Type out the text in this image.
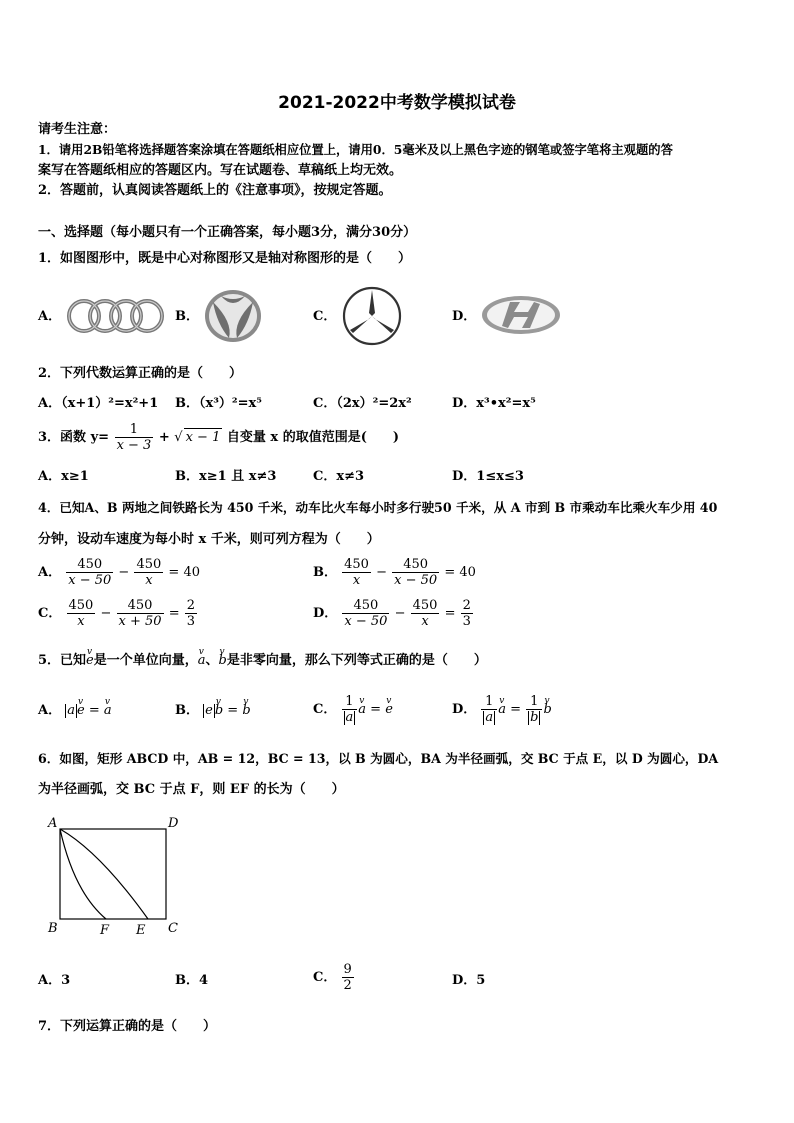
2021-2022中考数学模拟试卷
请考生注意：
1．请用2B铅笔将选择题答案涂填在答题纸相应位置上，请用0．5毫米及以上黑色字迹的钢笔或签字笔将主观题的答
案写在答题纸相应的答题区内。写在试题卷、草稿纸上均无效。
2．答题前，认真阅读答题纸上的《注意事项》，按规定答题。
一、选择题（每小题只有一个正确答案，每小题3分，满分30分）
1．如图图形中，既是中心对称图形又是轴对称图形的是（　　）
A．	B．	C．	D．
2．下列代数运算正确的是（　　）
A．（x+1）²=x²+1 B．（x³）²=x⁵	C．（2x）²=2x²	D．x³•x²=x⁵
3．函数 $y= \frac{1}{x - 3}$ + √ x − 1 自变量 x 的取值范围是(　　)
A．x≥1	B．x≥1 且 x≠3	C．x≠3	D．1≤x≤3
4．已知A、B 两地之间铁路长为 450 千米，动车比火车每小时多行驶50 千米，从 A 市到 B 市乘动车比乘火车少用 40
分钟，设动车速度为每小时 x 千米，则可列方程为（　　）
A． $\frac{450}{x - 50} - \frac{450}{x} = 40$	B． $\frac{450}{x} - \frac{450}{x - 50} = 40$
C． $\frac{450}{x} - \frac{450}{x + 50} = \frac{2}{3}$	D． $\frac{450}{x - 50} - \frac{450}{x} = \frac{2}{3}$
5．已知v e是一个单位向量，v a、v b是非零向量，那么下列等式正确的是（　　）
A． a v e = v a	B． e v b = v b	C． $\frac{1}{a}$ v a = v e	D． $\frac{1}{a}$ v $a = \frac{1}{b}$ v b
6．如图，矩形 ABCD 中，AB = 12，BC = 13，以 B 为圆心，BA 为半径画弧，交 BC 于点 E，以 D 为圆心，DA
为半径画弧，交 BC 于点 F，则 EF 的长为（　　）
A	D
B	C
F E
A．3	B．4	C． $\frac{9}{2}$	D．5
7．下列运算正确的是（　　）
